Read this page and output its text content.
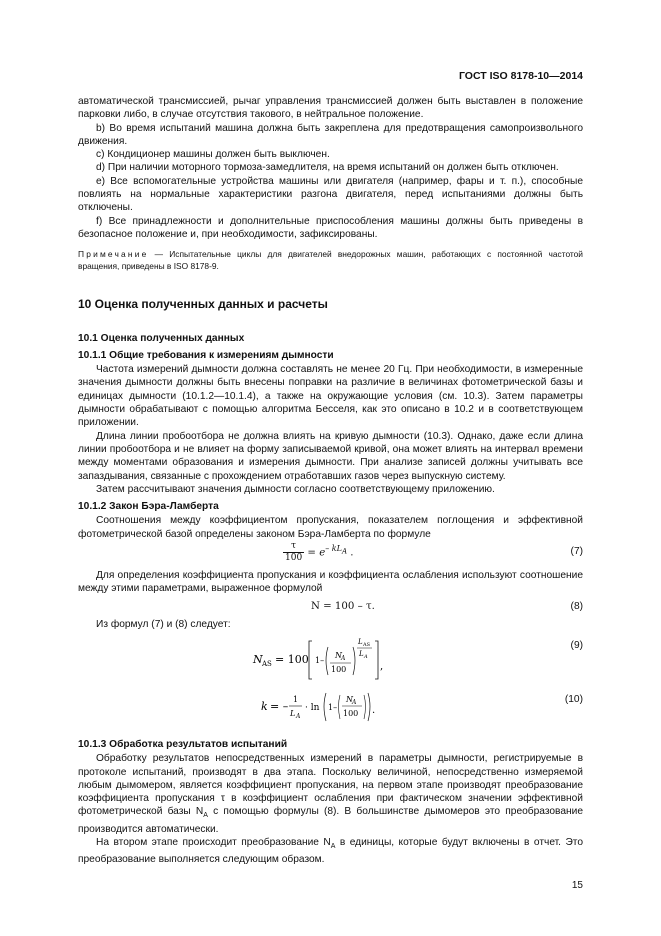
ГОСТ ISO 8178-10—2014

автоматической трансмиссией, рычаг управления трансмиссией должен быть выставлен в положение парковки либо, в случае отсутствия такового, в нейтральное положение.

b) Во время испытаний машина должна быть закреплена для предотвращения самопроизвольного движения.

c) Кондиционер машины должен быть выключен.

d) При наличии моторного тормоза-замедлителя, на время испытаний он должен быть отключен.

e) Все вспомогательные устройства машины или двигателя (например, фары и т. п.), способные повлиять на нормальные характеристики разгона двигателя, перед испытаниями должны быть отключены.

f) Все принадлежности и дополнительные приспособления машины должны быть приведены в безопасное положение и, при необходимости, зафиксированы.

Примечание — Испытательные циклы для двигателей внедорожных машин, работающих с постоянной частотой вращения, приведены в ISO 8178-9.

10 Оценка полученных данных и расчеты
10.1 Оценка полученных данных
10.1.1 Общие требования к измерениям дымности

Частота измерений дымности должна составлять не менее 20 Гц. При необходимости, в измеренные значения дымности должны быть внесены поправки на различие в величинах фотометрической базы и единицах дымности (10.1.2—10.1.4), а также на окружающие условия (см. 10.3). Затем параметры дымности обрабатывают с помощью алгоритма Бесселя, как это описано в 10.2 и в соответствующем приложении.

Длина линии пробоотбора не должна влиять на кривую дымности (10.3). Однако, даже если длина линии пробоотбора и не влияет на форму записываемой кривой, она может влиять на интервал времени между моментами образования и измерения дымности. При анализе записей должны учитывать все запаздывания, связанные с прохождением отработавших газов через выпускную систему.

Затем рассчитывают значения дымности согласно соответствующему приложению.

10.1.2 Закон Бэра-Ламберта

Соотношения между коэффициентом пропускания, показателем поглощения и эффективной фотометрической базой определены законом Бэра-Ламберта по формуле

$\frac{\tau}{100} = e^{- kL_A}$ .	(7)

Для определения коэффициента пропускания и коэффициента ослабления используют соотношение между этими параметрами, выраженное формулой

N = 100 – τ.	(8)

Из формул (7) и (8) следует:

N AS = 100 1–
N A
100
L AS
L A
,
(9)
k = –
1
L A
· ln 1–
N A
100 .
(10)
10.1.3 Обработка результатов испытаний

Обработку результатов непосредственных измерений в параметры дымности, регистрируемые в протоколе испытаний, производят в два этапа. Поскольку величиной, непосредственно измеряемой любым дымомером, является коэффициент пропускания, на первом этапе производят преобразование коэффициента пропускания τ в коэффициент ослабления при фактическом значении эффективной фотометрической базы $N_A$ с помощью формулы (8). В большинстве дымомеров это преобразование производится автоматически.

На втором этапе происходит преобразование $N_A$ в единицы, которые будут включены в отчет. Это преобразование выполняется следующим образом.

15
